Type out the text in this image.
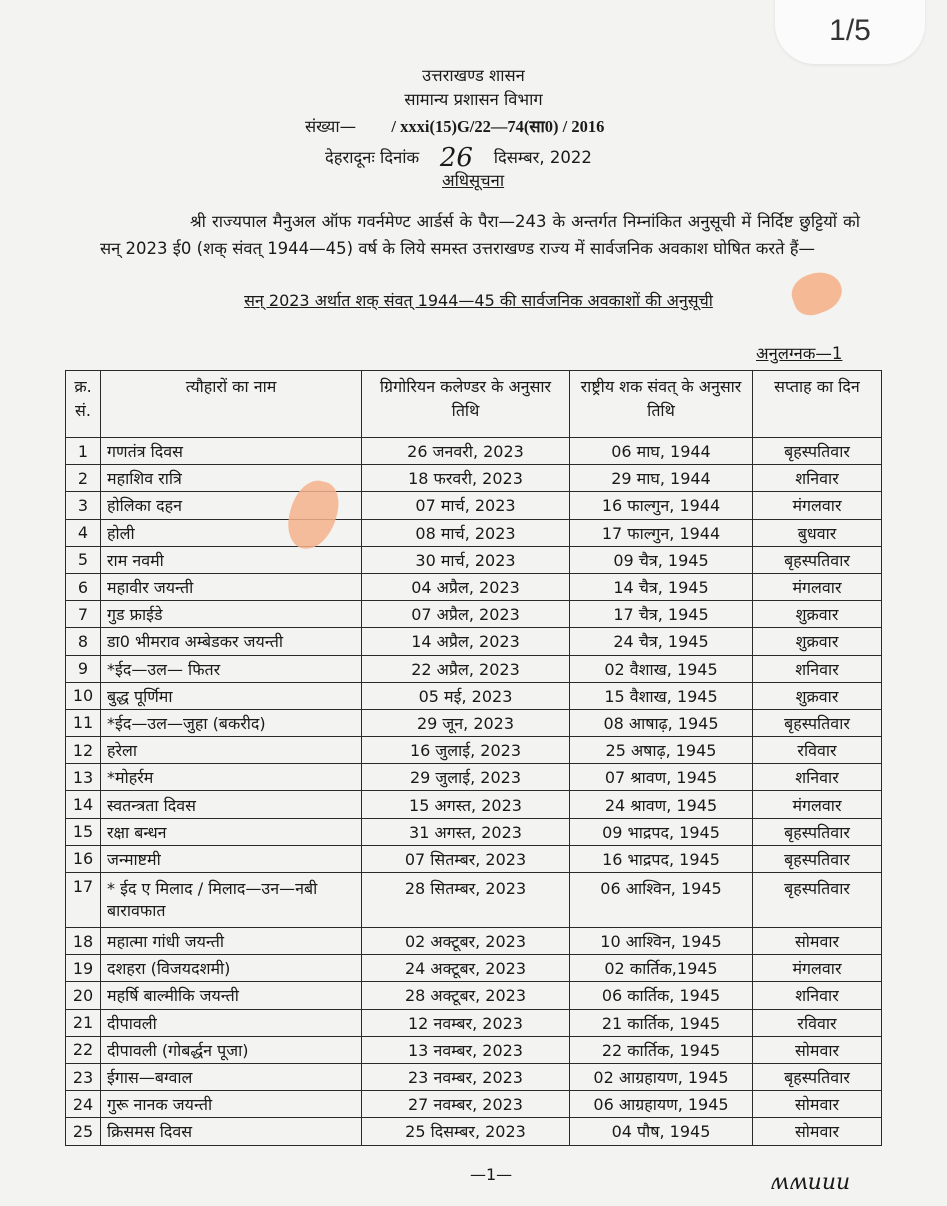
1/5
उत्तराखण्ड शासन
सामान्य प्रशासन विभाग
संख्या— / xxxi(15)G/22—74(सा0) / 2016
देहरादूनः दिनांक 26 दिसम्बर, 2022
अधिसूचना
श्री राज्यपाल मैनुअल ऑफ गवर्नमेण्ट आर्डर्स के पैरा—243 के अन्तर्गत निम्नांकित अनुसूची में निर्दिष्ट छुट्टियों को सन् 2023 ई0 (शक् संवत् 1944—45) वर्ष के लिये समस्त उत्तराखण्ड राज्य में सार्वजनिक अवकाश घोषित करते हैं—
सन् 2023 अर्थात शक् संवत् 1944—45 की सार्वजनिक अवकाशों की अनुसूची
अनुलग्नक—1
क्र. सं.	त्यौहारों का नाम	ग्रिगोरियन कलेण्डर के अनुसार तिथि	राष्ट्रीय शक संवत् के अनुसार तिथि	सप्ताह का दिन
1	गणतंत्र दिवस	26 जनवरी, 2023	06 माघ, 1944	बृहस्पतिवार
2	महाशिव रात्रि	18 फरवरी, 2023	29 माघ, 1944	शनिवार
3	होलिका दहन	07 मार्च, 2023	16 फाल्गुन, 1944	मंगलवार
4	होली	08 मार्च, 2023	17 फाल्गुन, 1944	बुधवार
5	राम नवमी	30 मार्च, 2023	09 चैत्र, 1945	बृहस्पतिवार
6	महावीर जयन्ती	04 अप्रैल, 2023	14 चैत्र, 1945	मंगलवार
7	गुड फ्राईडे	07 अप्रैल, 2023	17 चैत्र, 1945	शुक्रवार
8	डा0 भीमराव अम्बेडकर जयन्ती	14 अप्रैल, 2023	24 चैत्र, 1945	शुक्रवार
9	*ईद—उल— फितर	22 अप्रैल, 2023	02 वैशाख, 1945	शनिवार
10	बुद्ध पूर्णिमा	05 मई, 2023	15 वैशाख, 1945	शुक्रवार
11	*ईद—उल—जुहा (बकरीद)	29 जून, 2023	08 आषाढ़, 1945	बृहस्पतिवार
12	हरेला	16 जुलाई, 2023	25 अषाढ़, 1945	रविवार
13	*मोहर्रम	29 जुलाई, 2023	07 श्रावण, 1945	शनिवार
14	स्वतन्त्रता दिवस	15 अगस्त, 2023	24 श्रावण, 1945	मंगलवार
15	रक्षा बन्धन	31 अगस्त, 2023	09 भाद्रपद, 1945	बृहस्पतिवार
16	जन्माष्टमी	07 सितम्बर, 2023	16 भाद्रपद, 1945	बृहस्पतिवार
17	* ईद ए मिलाद / मिलाद—उन—नबी बारावफात	28 सितम्बर, 2023	06 आश्विन, 1945	बृहस्पतिवार
18	महात्मा गांधी जयन्ती	02 अक्टूबर, 2023	10 आश्विन, 1945	सोमवार
19	दशहरा (विजयदशमी)	24 अक्टूबर, 2023	02 कार्तिक,1945	मंगलवार
20	महर्षि बाल्मीकि जयन्ती	28 अक्टूबर, 2023	06 कार्तिक, 1945	शनिवार
21	दीपावली	12 नवम्बर, 2023	21 कार्तिक, 1945	रविवार
22	दीपावली (गोबर्द्धन पूजा)	13 नवम्बर, 2023	22 कार्तिक, 1945	सोमवार
23	ईगास—बग्वाल	23 नवम्बर, 2023	02 आग्रहायण, 1945	बृहस्पतिवार
24	गुरू नानक जयन्ती	27 नवम्बर, 2023	06 आग्रहायण, 1945	सोमवार
25	क्रिसमस दिवस	25 दिसम्बर, 2023	04 पौष, 1945	सोमवार
—1—	ʍʍuuu
